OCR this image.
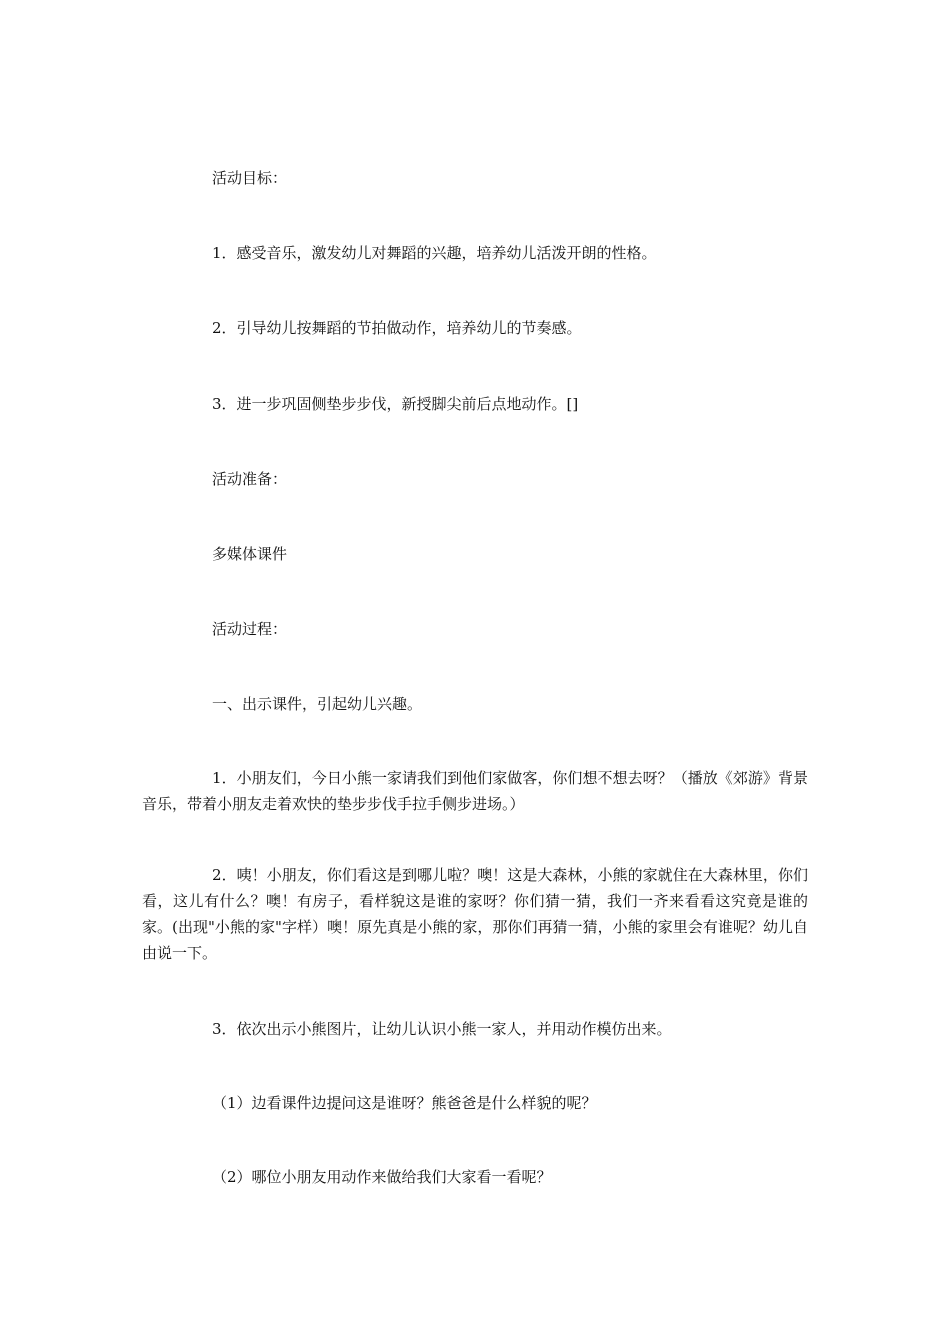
活动目标：
1．感受音乐，激发幼儿对舞蹈的兴趣，培养幼儿活泼开朗的性格。
2．引导幼儿按舞蹈的节拍做动作，培养幼儿的节奏感。
3．进一步巩固侧垫步步伐，新授脚尖前后点地动作。[]
活动准备：
多媒体课件
活动过程：
一、出示课件，引起幼儿兴趣。
1．小朋友们，今日小熊一家请我们到他们家做客，你们想不想去呀？（播放《郊游》背景音乐，带着小朋友走着欢快的垫步步伐手拉手侧步进场。）
2．咦！小朋友，你们看这是到哪儿啦？噢！这是大森林，小熊的家就住在大森林里，你们看，这儿有什么？噢！有房子，看样貌这是谁的家呀？你们猜一猜，我们一齐来看看这究竟是谁的家。(出现"小熊的家"字样）噢！原先真是小熊的家，那你们再猜一猜，小熊的家里会有谁呢？幼儿自由说一下。
3．依次出示小熊图片，让幼儿认识小熊一家人，并用动作模仿出来。
（1）边看课件边提问这是谁呀？熊爸爸是什么样貌的呢？
（2）哪位小朋友用动作来做给我们大家看一看呢？
